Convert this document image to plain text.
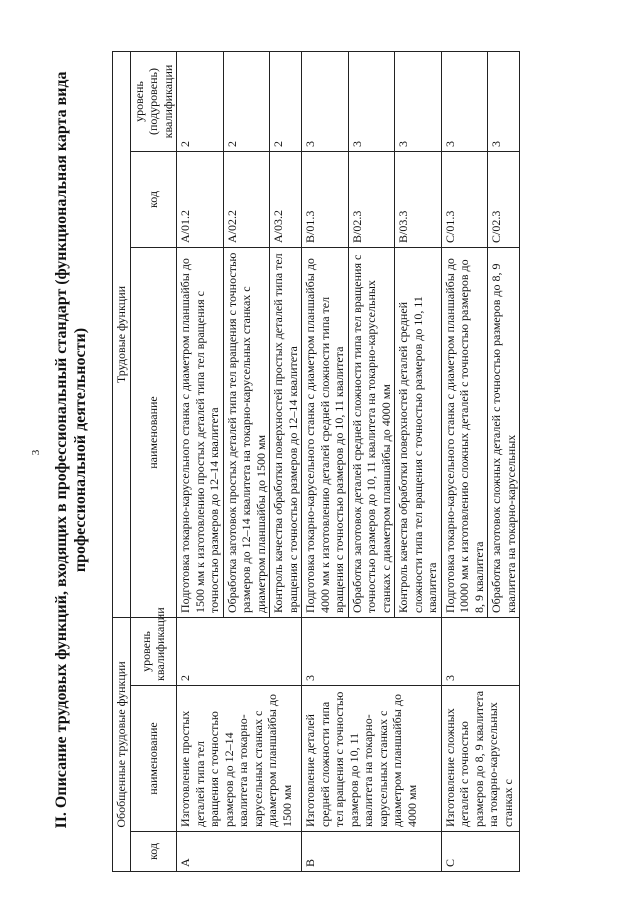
3 II. Описание трудовых функций, входящих в профессиональный стандарт (функциональная карта вида профессиональной деятельности)
Обобщенные трудовые функции			Трудовые функции		
код	наименование	уровень квалификации	наименование	код	уровень (подуровень) квалификации
A	Изготовление простых деталей типа тел вращения с точностью размеров до 12–14 квалитета на токарно-карусельных станках с диаметром планшайбы до 1500 мм	2	Подготовка токарно-карусельного станка с диаметром планшайбы до 1500 мм к изготовлению простых деталей типа тел вращения с точностью размеров до 12–14 квалитета	A/01.2	2
			Обработка заготовок простых деталей типа тел вращения с точностью размеров до 12–14 квалитета на токарно-карусельных станках с диаметром планшайбы до 1500 мм	A/02.2	2
			Контроль качества обработки поверхностей простых деталей типа тел вращения с точностью размеров до 12–14 квалитета	A/03.2	2
B	Изготовление деталей средней сложности типа тел вращения с точностью размеров до 10, 11 квалитета на токарно-карусельных станках с диаметром планшайбы до 4000 мм	3	Подготовка токарно-карусельного станка с диаметром планшайбы до 4000 мм к изготовлению деталей средней сложности типа тел вращения с точностью размеров до 10, 11 квалитета	B/01.3	3
			Обработка заготовок деталей средней сложности типа тел вращения с точностью размеров до 10, 11 квалитета на токарно-карусельных станках с диаметром планшайбы до 4000 мм	B/02.3	3
			Контроль качества обработки поверхностей деталей средней сложности типа тел вращения с точностью размеров до 10, 11 квалитета	B/03.3	3
C	Изготовление сложных деталей с точностью размеров до 8, 9 квалитета на токарно-карусельных станках с	3	Подготовка токарно-карусельного станка с диаметром планшайбы до 10000 мм к изготовлению сложных деталей с точностью размеров до 8, 9 квалитета	C/01.3	3
			Обработка заготовок сложных деталей с точностью размеров до 8, 9 квалитета на токарно-карусельных	C/02.3	3
